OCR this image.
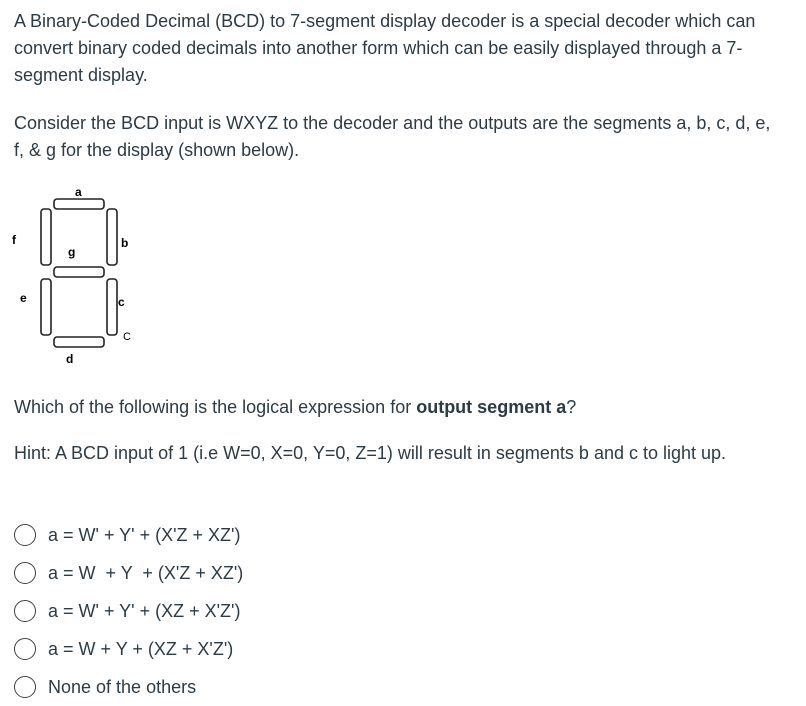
A Binary-Coded Decimal (BCD) to 7-segment display decoder is a special decoder which can convert binary coded decimals into another form which can be easily displayed through a 7-segment display.

Consider the BCD input is WXYZ to the decoder and the outputs are the segments a, b, c, d, e, f, & g for the display (shown below).

a
f
g
b
e	c
C
d

Which of the following is the logical expression for output segment a?

Hint: A BCD input of 1 (i.e W=0, X=0, Y=0, Z=1) will result in segments b and c to light up.

a = W' + Y' + (X'Z + XZ')
a = W  + Y  + (X'Z + XZ')
a = W' + Y' + (XZ + X'Z')
a = W + Y + (XZ + X'Z')
None of the others
